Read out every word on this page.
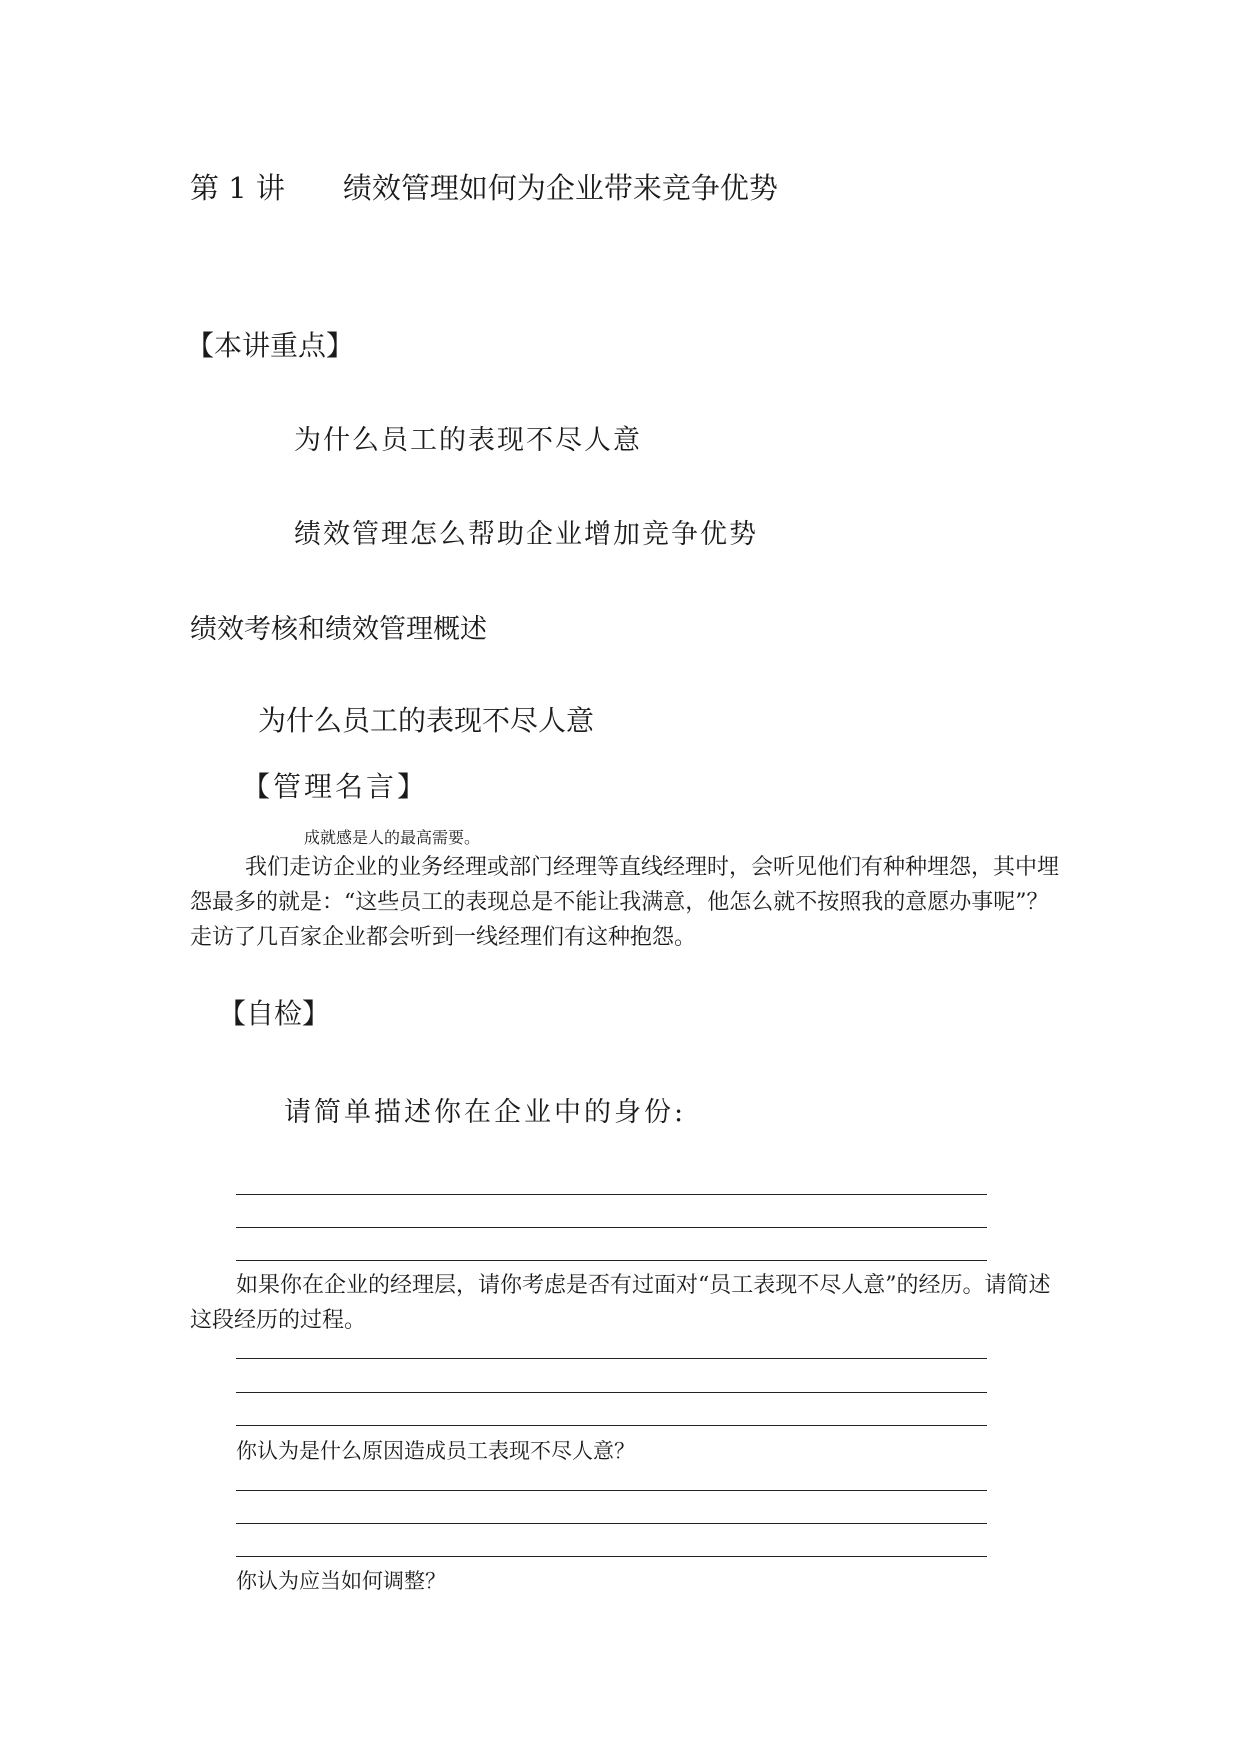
第 1 讲 绩效管理如何为企业带来竞争优势
【本讲重点】
为什么员工的表现不尽人意
绩效管理怎么帮助企业增加竞争优势
绩效考核和绩效管理概述
为什么员工的表现不尽人意
【管理名言】
成就感是人的最高需要。
我们走访企业的业务经理或部门经理等直线经理时，会听见他们有种种埋怨，其中埋怨最多的就是：“这些员工的表现总是不能让我满意，他怎么就不按照我的意愿办事呢”？走访了几百家企业都会听到一线经理们有这种抱怨。
【自检】
请简单描述你在企业中的身份:
如果你在企业的经理层，请你考虑是否有过面对“员工表现不尽人意”的经历。请简述这段经历的过程。
你认为是什么原因造成员工表现不尽人意？
你认为应当如何调整？
